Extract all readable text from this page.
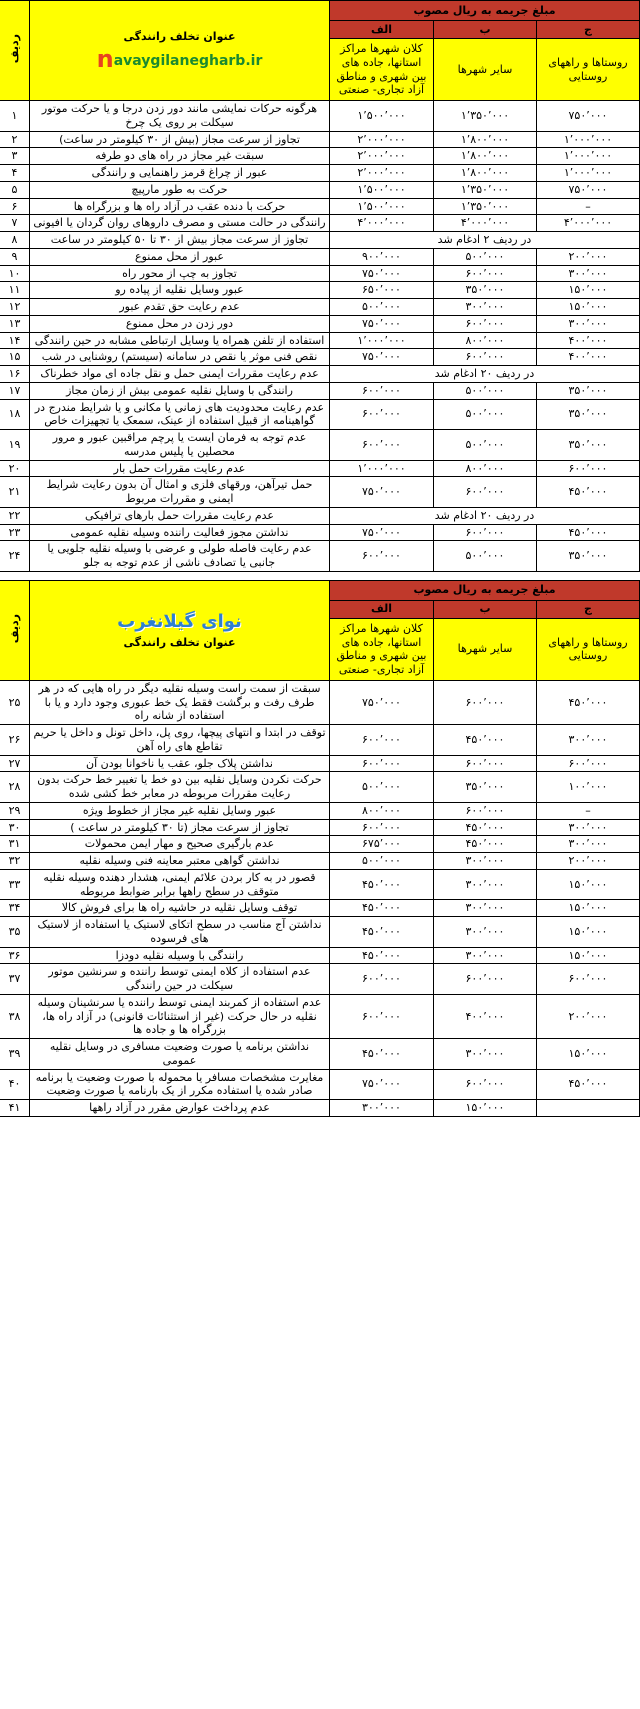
مبلغ جریمه به ریال مصوب			عنوان تخلف رانندگی
navaygilanegharb.ir	ردیف
ج	ب	الف		
روستاها و راههای روستایی	سایر شهرها	کلان شهرها مراکز استانها، جاده های بین شهری و مناطق آزاد تجاری- صنعتی		
۷۵۰٬۰۰۰	۱٬۳۵۰٬۰۰۰	۱٬۵۰۰٬۰۰۰	هرگونه حرکات نمایشی مانند دور زدن درجا و یا حرکت موتور سیکلت بر روی یک چرخ	۱
۱٬۰۰۰٬۰۰۰	۱٬۸۰۰٬۰۰۰	۲٬۰۰۰٬۰۰۰	تجاوز از سرعت مجاز (بیش از ۳۰ کیلومتر در ساعت)	۲
۱٬۰۰۰٬۰۰۰	۱٬۸۰۰٬۰۰۰	۲٬۰۰۰٬۰۰۰	سبقت غیر مجاز در راه های دو طرفه	۳
۱٬۰۰۰٬۰۰۰	۱٬۸۰۰٬۰۰۰	۲٬۰۰۰٬۰۰۰	عبور از چراغ قرمز راهنمایی و رانندگی	۴
۷۵۰٬۰۰۰	۱٬۳۵۰٬۰۰۰	۱٬۵۰۰٬۰۰۰	حرکت به طور مارپیچ	۵
–	۱٬۳۵۰٬۰۰۰	۱٬۵۰۰٬۰۰۰	حرکت با دنده عقب در آزاد راه ها و بزرگراه ها	۶
۴٬۰۰۰٬۰۰۰	۴٬۰۰۰٬۰۰۰	۴٬۰۰۰٬۰۰۰	رانندگی در حالت مستی و مصرف داروهای روان گردان یا افیونی	۷
در ردیف ۲ ادغام شد			تجاوز از سرعت مجاز بیش از ۳۰ تا ۵۰ کیلومتر در ساعت	۸
۲۰۰٬۰۰۰	۵۰۰٬۰۰۰	۹۰۰٬۰۰۰	عبور از محل ممنوع	۹
۳۰۰٬۰۰۰	۶۰۰٬۰۰۰	۷۵۰٬۰۰۰	تجاوز به چپ از محور راه	۱۰
۱۵۰٬۰۰۰	۳۵۰٬۰۰۰	۶۵۰٬۰۰۰	عبور وسایل نقلیه از پیاده رو	۱۱
۱۵۰٬۰۰۰	۳۰۰٬۰۰۰	۵۰۰٬۰۰۰	عدم رعایت حق تقدم عبور	۱۲
۳۰۰٬۰۰۰	۶۰۰٬۰۰۰	۷۵۰٬۰۰۰	دور زدن در محل ممنوع	۱۳
۴۰۰٬۰۰۰	۸۰۰٬۰۰۰	۱٬۰۰۰٬۰۰۰	استفاده از تلفن همراه یا وسایل ارتباطی مشابه در حین رانندگی	۱۴
۴۰۰٬۰۰۰	۶۰۰٬۰۰۰	۷۵۰٬۰۰۰	نقص فنی موثر یا نقص در سامانه (سیستم) روشنایی در شب	۱۵
در ردیف ۲۰ ادغام شد			عدم رعایت مقررات ایمنی حمل و نقل جاده ای مواد خطرناک	۱۶
۳۵۰٬۰۰۰	۵۰۰٬۰۰۰	۶۰۰٬۰۰۰	رانندگی با وسایل نقلیه عمومی بیش از زمان مجاز	۱۷
۳۵۰٬۰۰۰	۵۰۰٬۰۰۰	۶۰۰٬۰۰۰	عدم رعایت محدودیت های زمانی یا مکانی و یا شرایط مندرج در گواهینامه از قبیل استفاده از عینک، سمعک یا تجهیزات خاص	۱۸
۳۵۰٬۰۰۰	۵۰۰٬۰۰۰	۶۰۰٬۰۰۰	عدم توجه به فرمان ایست یا پرچم مراقبین عبور و مرور محصلین یا پلیس مدرسه	۱۹
۶۰۰٬۰۰۰	۸۰۰٬۰۰۰	۱٬۰۰۰٬۰۰۰	عدم رعایت مقررات حمل بار	۲۰
۴۵۰٬۰۰۰	۶۰۰٬۰۰۰	۷۵۰٬۰۰۰	حمل تیرآهن، ورقهای فلزی و امثال آن بدون رعایت شرایط ایمنی و مقررات مربوط	۲۱
در ردیف ۲۰ ادغام شد			عدم رعایت مقررات حمل بارهای ترافیکی	۲۲
۴۵۰٬۰۰۰	۶۰۰٬۰۰۰	۷۵۰٬۰۰۰	نداشتن مجوز فعالیت راننده وسیله نقلیه عمومی	۲۳
۳۵۰٬۰۰۰	۵۰۰٬۰۰۰	۶۰۰٬۰۰۰	عدم رعایت فاصله طولی و عرضی با وسیله نقلیه جلویی یا جانبی یا تصادف ناشی از عدم توجه به جلو	۲۴
مبلغ جریمه به ریال مصوب			نوای گیلانغرب
عنوان تخلف رانندگی	ردیف
ج	ب	الف		
روستاها و راههای روستایی	سایر شهرها	کلان شهرها مراکز استانها، جاده های بین شهری و مناطق آزاد تجاری- صنعتی		
۴۵۰٬۰۰۰	۶۰۰٬۰۰۰	۷۵۰٬۰۰۰	سبقت از سمت راست وسیله نقلیه دیگر در راه هایی که در هر طرف رفت و برگشت فقط یک خط عبوری وجود دارد و یا با استفاده از شانه راه	۲۵
۳۰۰٬۰۰۰	۴۵۰٬۰۰۰	۶۰۰٬۰۰۰	توقف در ابتدا و انتهای پیچها، روی پل، داخل تونل و داخل یا حریم تقاطع های راه آهن	۲۶
۶۰۰٬۰۰۰	۶۰۰٬۰۰۰	۶۰۰٬۰۰۰	نداشتن پلاک جلو، عقب یا ناخوانا بودن آن	۲۷
۱۰۰٬۰۰۰	۳۵۰٬۰۰۰	۵۰۰٬۰۰۰	حرکت نکردن وسایل نقلیه بین دو خط یا تغییر خط حرکت بدون رعایت مقررات مربوطه در معابر خط کشی شده	۲۸
–	۶۰۰٬۰۰۰	۸۰۰٬۰۰۰	عبور وسایل نقلیه غیر مجاز از خطوط ویژه	۲۹
۳۰۰٬۰۰۰	۴۵۰٬۰۰۰	۶۰۰٬۰۰۰	تجاوز از سرعت مجاز (تا ۳۰ کیلومتر در ساعت )	۳۰
۳۰۰٬۰۰۰	۴۵۰٬۰۰۰	۶۷۵٬۰۰۰	عدم بارگیری صحیح و مهار ایمن محمولات	۳۱
۲۰۰٬۰۰۰	۳۰۰٬۰۰۰	۵۰۰٬۰۰۰	نداشتن گواهی معتبر معاینه فنی وسیله نقلیه	۳۲
۱۵۰٬۰۰۰	۳۰۰٬۰۰۰	۴۵۰٬۰۰۰	قصور در به کار بردن علائم ایمنی، هشدار دهنده وسیله نقلیه متوقف در سطح راهها برابر ضوابط مربوطه	۳۳
۱۵۰٬۰۰۰	۳۰۰٬۰۰۰	۴۵۰٬۰۰۰	توقف وسایل نقلیه در حاشیه راه ها برای فروش کالا	۳۴
۱۵۰٬۰۰۰	۳۰۰٬۰۰۰	۴۵۰٬۰۰۰	نداشتن آج مناسب در سطح اتکای لاستیک یا استفاده از لاستیک های فرسوده	۳۵
۱۵۰٬۰۰۰	۳۰۰٬۰۰۰	۴۵۰٬۰۰۰	رانندگی با وسیله نقلیه دودزا	۳۶
۶۰۰٬۰۰۰	۶۰۰٬۰۰۰	۶۰۰٬۰۰۰	عدم استفاده از کلاه ایمنی توسط راننده و سرنشین موتور سیکلت در حین رانندگی	۳۷
۲۰۰٬۰۰۰	۴۰۰٬۰۰۰	۶۰۰٬۰۰۰	عدم استفاده از کمربند ایمنی توسط راننده یا سرنشینان وسیله نقلیه در حال حرکت (غیر از استثنائات قانونی) در آزاد راه ها، بزرگراه ها و جاده ها	۳۸
۱۵۰٬۰۰۰	۳۰۰٬۰۰۰	۴۵۰٬۰۰۰	نداشتن برنامه یا صورت وضعیت مسافری در وسایل نقلیه عمومی	۳۹
۴۵۰٬۰۰۰	۶۰۰٬۰۰۰	۷۵۰٬۰۰۰	مغایرت مشخصات مسافر یا محموله با صورت وضعیت یا برنامه صادر شده یا استفاده مکرر از یک بارنامه یا صورت وضعیت	۴۰
	۱۵۰٬۰۰۰	۳۰۰٬۰۰۰	عدم پرداخت عوارض مقرر در آزاد راهها	۴۱
